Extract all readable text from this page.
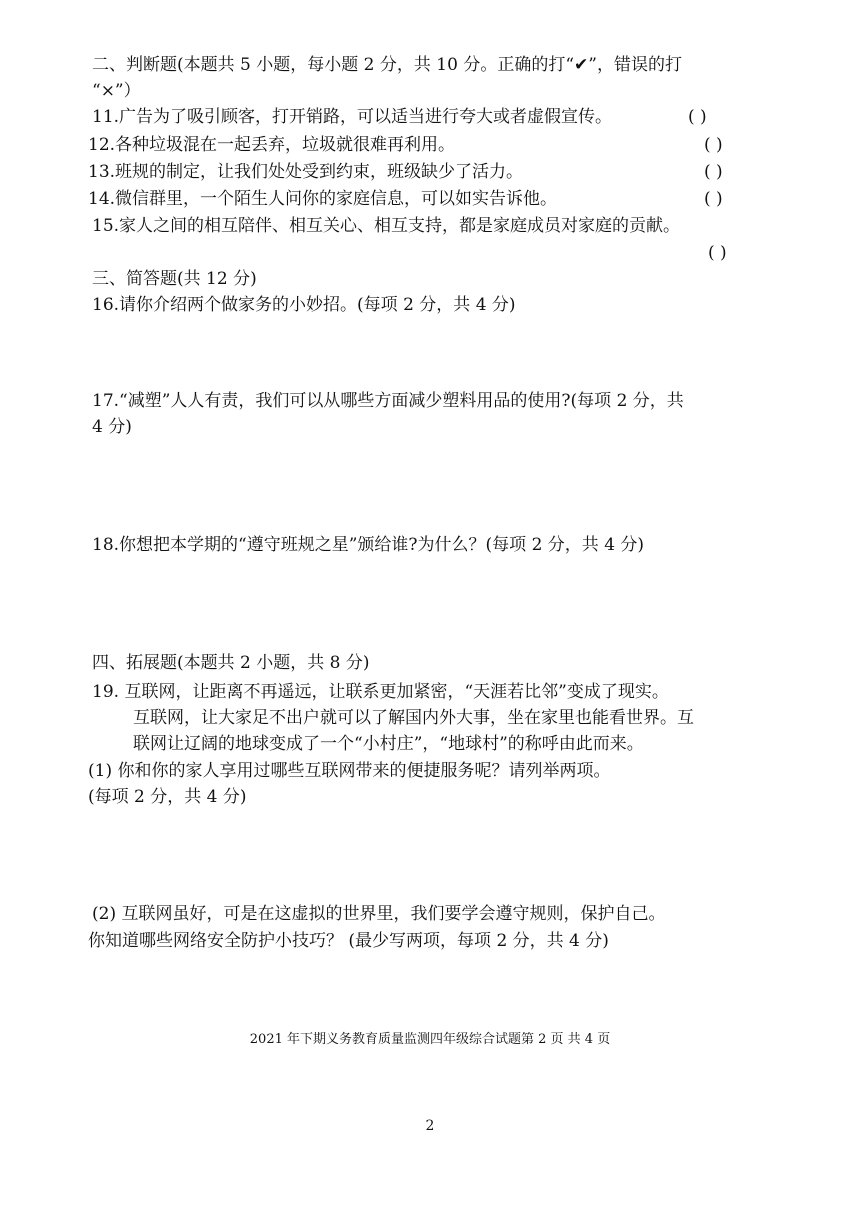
二、判断题(本题共 5 小题，每小题 2 分，共 10 分。正确的打“✔”，错误的打
“×”）
11.广告为了吸引顾客，打开销路，可以适当进行夸大或者虚假宣传。	( )
12.各种垃圾混在一起丢弃，垃圾就很难再利用。	( )
13.班规的制定，让我们处处受到约束，班级缺少了活力。	( )
14.微信群里，一个陌生人问你的家庭信息，可以如实告诉他。	( )
15.家人之间的相互陪伴、相互关心、相互支持，都是家庭成员对家庭的贡献。
( )
三、简答题(共 12 分)
16.请你介绍两个做家务的小妙招。(每项 2 分，共 4 分)
17.“减塑”人人有责，我们可以从哪些方面减少塑料用品的使用?(每项 2 分，共
4 分)
18.你想把本学期的“遵守班规之星”颁给谁?为什么？(每项 2 分，共 4 分)
四、拓展题(本题共 2 小题，共 8 分)
19. 互联网，让距离不再遥远，让联系更加紧密，“天涯若比邻”变成了现实。
互联网，让大家足不出户就可以了解国内外大事，坐在家里也能看世界。互
联网让辽阔的地球变成了一个“小村庄”，“地球村”的称呼由此而来。
(1) 你和你的家人享用过哪些互联网带来的便捷服务呢？请列举两项。
(每项 2 分，共 4 分)
(2) 互联网虽好，可是在这虚拟的世界里，我们要学会遵守规则，保护自己。
你知道哪些网络安全防护小技巧？ (最少写两项，每项 2 分，共 4 分)
2021 年下期义务教育质量监测四年级综合试题第 2 页 共 4 页
2
